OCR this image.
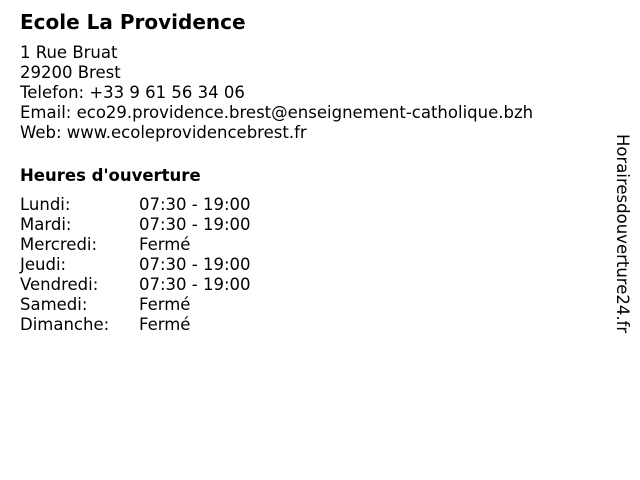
Ecole La Providence
1 Rue Bruat
29200 Brest
Telefon: +33 9 61 56 34 06
Email: eco29.providence.brest@enseignement-catholique.bzh
Web: www.ecoleprovidencebrest.fr
Heures d'ouverture
Lundi:	07:30 - 19:00
Mardi:	07:30 - 19:00
Mercredi:	Fermé
Jeudi:	07:30 - 19:00
Vendredi:	07:30 - 19:00
Samedi:	Fermé
Dimanche:	Fermé	Horairesdouverture24.fr
